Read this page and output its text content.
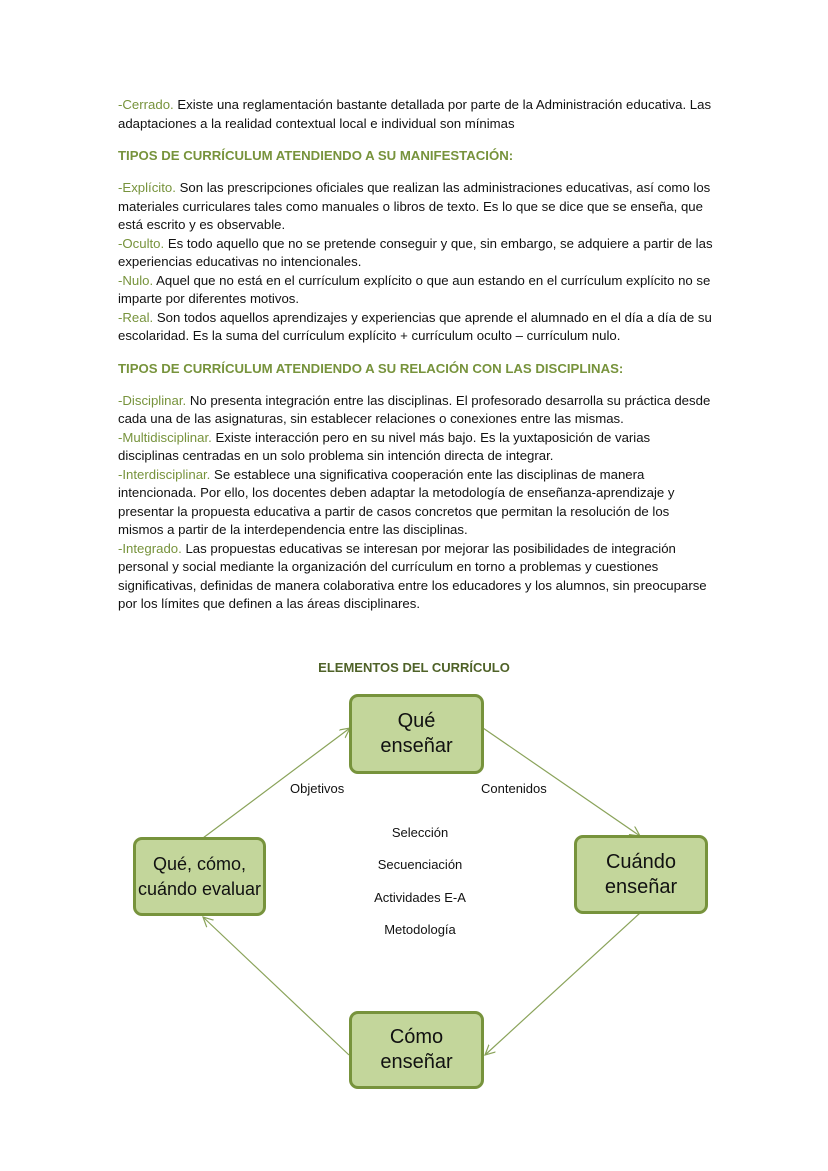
-Cerrado. Existe una reglamentación bastante detallada por parte de la Administración educativa. Las adaptaciones a la realidad contextual local e individual son mínimas

TIPOS DE CURRÍCULUM ATENDIENDO A SU MANIFESTACIÓN:

-Explícito. Son las prescripciones oficiales que realizan las administraciones educativas, así como los materiales curriculares tales como manuales o libros de texto. Es lo que se dice que se enseña, que está escrito y es observable.

-Oculto. Es todo aquello que no se pretende conseguir y que, sin embargo, se adquiere a partir de las experiencias educativas no intencionales.

-Nulo. Aquel que no está en el currículum explícito o que aun estando en el currículum explícito no se imparte por diferentes motivos.

-Real. Son todos aquellos aprendizajes y experiencias que aprende el alumnado en el día a día de su escolaridad. Es la suma del currículum explícito + currículum oculto – currículum nulo.

TIPOS DE CURRÍCULUM ATENDIENDO A SU RELACIÓN CON LAS DISCIPLINAS:

-Disciplinar. No presenta integración entre las disciplinas. El profesorado desarrolla su práctica desde cada una de las asignaturas, sin establecer relaciones o conexiones entre las mismas.

-Multidisciplinar. Existe interacción pero en su nivel más bajo. Es la yuxtaposición de varias disciplinas centradas en un solo problema sin intención directa de integrar.

-Interdisciplinar. Se establece una significativa cooperación ente las disciplinas de manera intencionada. Por ello, los docentes deben adaptar la metodología de enseñanza-aprendizaje y presentar la propuesta educativa a partir de casos concretos que permitan la resolución de los mismos a partir de la interdependencia entre las disciplinas.

-Integrado. Las propuestas educativas se interesan por mejorar las posibilidades de integración personal y social mediante la organización del currículum en torno a problemas y cuestiones significativas, definidas de manera colaborativa entre los educadores y los alumnos, sin preocuparse por los límites que definen a las áreas disciplinares.

ELEMENTOS DEL CURRÍCULO
Qué enseñar
Cuándo enseñar
Cómo enseñar
Qué, cómo, cuándo evaluar
Objetivos	Contenidos
Selección
Secuenciación
Actividades E-A
Metodología
